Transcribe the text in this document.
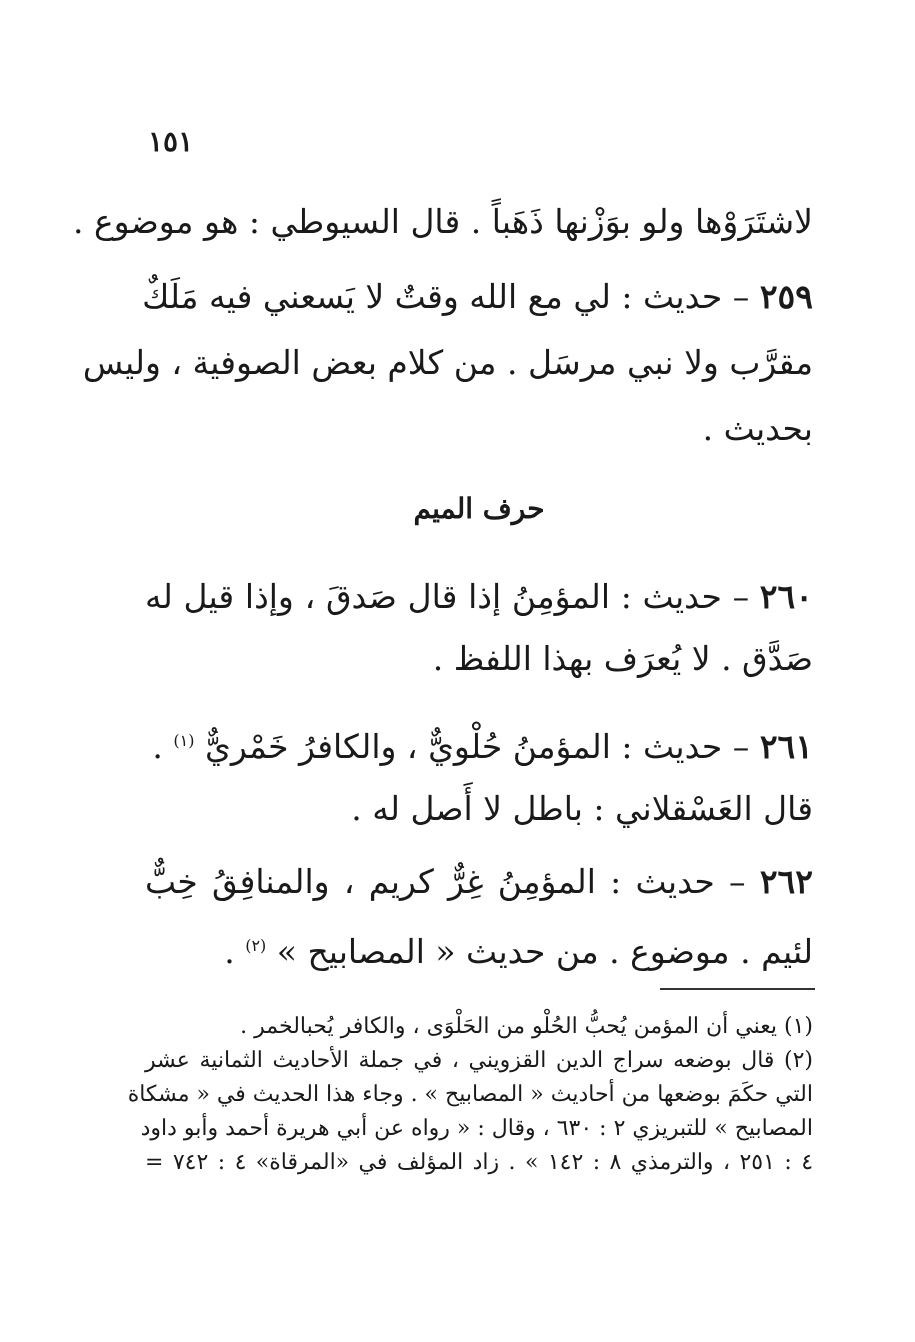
١٥١
لاشتَرَوْها ولو بوَزْنها ذَهَباً . قال السيوطي : هو موضوع .
٢٥٩ – حديث : لي مع الله وقتٌ لا يَسعني فيه مَلَكٌ
مقرَّب ولا نبي مرسَل . من كلام بعض الصوفية ، وليس
بحديث .
حرف الميم
٢٦٠ – حديث : المؤمِنُ إذا قال صَدقَ ، وإذا قيل له
صَدَّق . لا يُعرَف بهذا اللفظ .
٢٦١ – حديث : المؤمنُ حُلْويٌّ ، والكافرُ خَمْريٌّ $^{(١)}$ .
قال العَسْقلاني : باطل لا أَصل له .
٢٦٢ – حديث : المؤمِنُ غِرٌّ كريم ، والمنافِقُ خِبٌّ
لئيم . موضوع . من حديث « المصابيح » $^{(٢)}$ .
(١) يعني أن المؤمن يُحبُّ الحُلْو من الحَلْوَى ، والكافر يُحبالخمر .
(٢) قال بوضعه سراج الدين القزويني ، في جملة الأحاديث الثمانية عشر
التي حكَمَ بوضعها من أحاديث « المصابيح » . وجاء هذا الحديث في « مشكاة
المصابيح » للتبريزي ٢ : ٦٣٠ ، وقال : « رواه عن أبي هريرة أحمد وأبو داود
٤ : ٢٥١ ، والترمذي ٨ : ١٤٢ » . زاد المؤلف في «المرقاة» ٤ : ٧٤٢ =
